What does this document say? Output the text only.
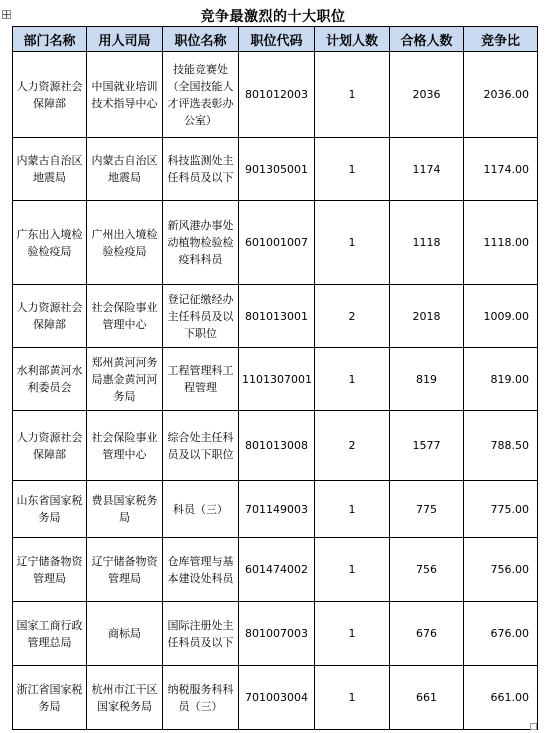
竞争最激烈的十大职位
部门名称	用人司局	职位名称	职位代码	计划人数	合格人数	竞争比
人力资源社会保障部	中国就业培训技术指导中心	技能竞赛处（全国技能人才评选表彰办公室）	801012003	1	2036	2036.00
内蒙古自治区地震局	内蒙古自治区地震局	科技监测处主任科员及以下	901305001	1	1174	1174.00
广东出入境检验检疫局	广州出入境检验检疫局	新风港办事处动植物检验检疫科科员	601001007	1	1118	1118.00
人力资源社会保障部	社会保险事业管理中心	登记征缴经办主任科员及以下职位	801013001	2	2018	1009.00
水利部黄河水利委员会	郑州黄河河务局惠金黄河河务局	工程管理科工程管理	1101307001	1	819	819.00
人力资源社会保障部	社会保险事业管理中心	综合处主任科员及以下职位	801013008	2	1577	788.50
山东省国家税务局	费县国家税务局	科员（三）	701149003	1	775	775.00
辽宁储备物资管理局	辽宁储备物资管理局	仓库管理与基本建设处科员	601474002	1	756	756.00
国家工商行政管理总局	商标局	国际注册处主任科员及以下	801007003	1	676	676.00
浙江省国家税务局	杭州市江干区国家税务局	纳税服务科科员（三）	701003004	1	661	661.00
